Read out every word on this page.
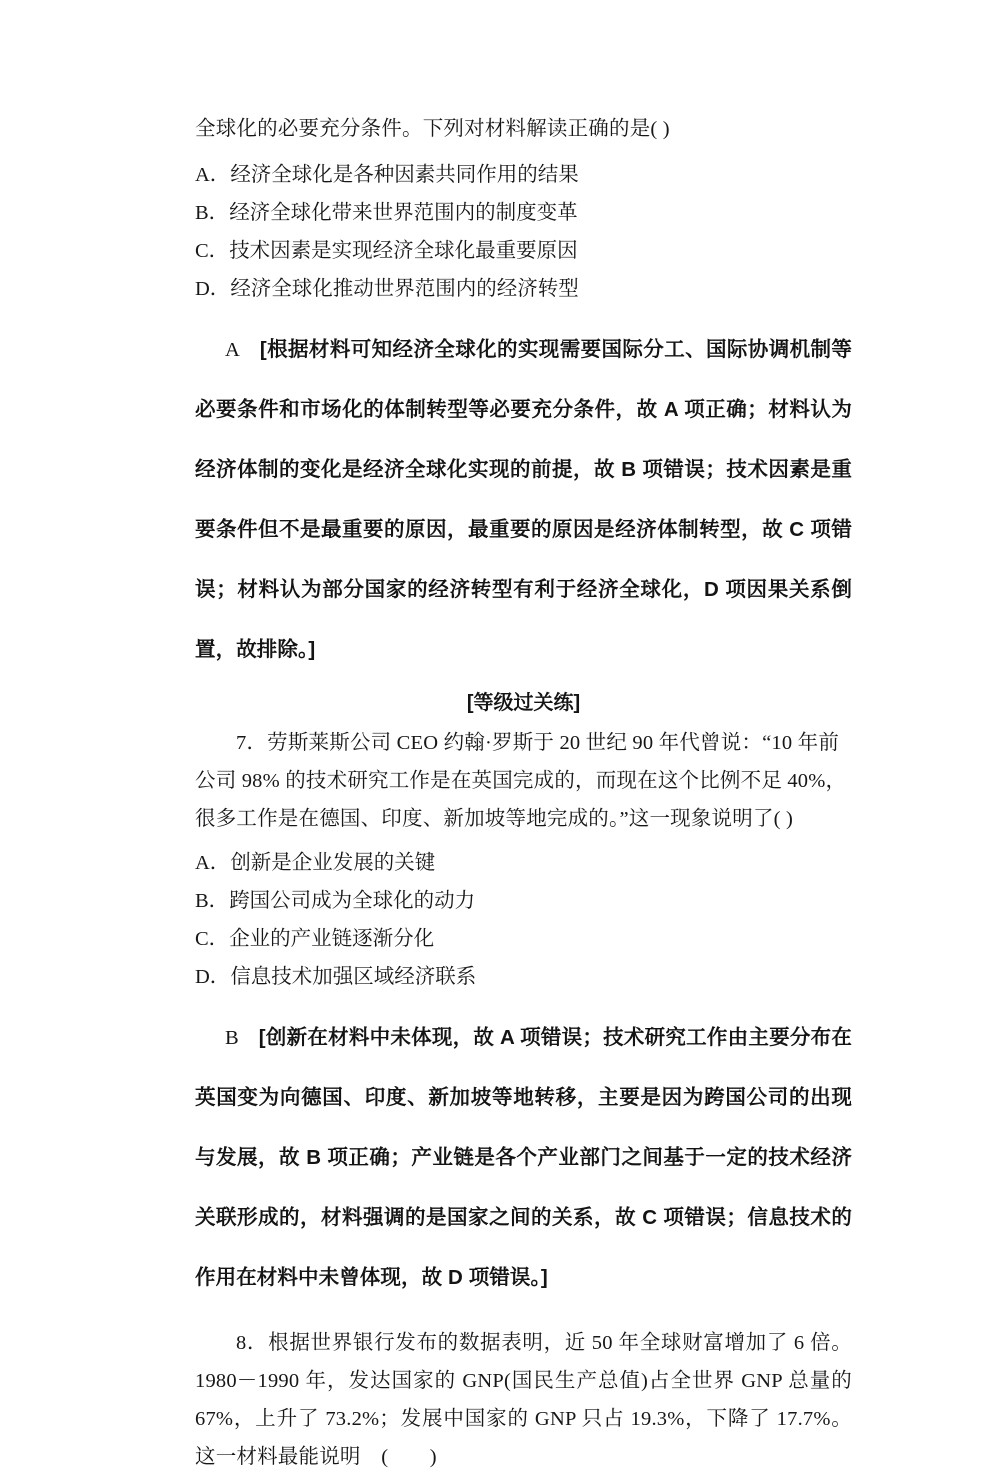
全球化的必要充分条件。下列对材料解读正确的是( )
A．经济全球化是各种因素共同作用的结果
B．经济全球化带来世界范围内的制度变革
C．技术因素是实现经济全球化最重要原因
D．经济全球化推动世界范围内的经济转型
A [根据材料可知经济全球化的实现需要国际分工、国际协调机制等必要条件和市场化的体制转型等必要充分条件，故 A 项正确；材料认为经济体制的变化是经济全球化实现的前提，故 B 项错误；技术因素是重要条件但不是最重要的原因，最重要的原因是经济体制转型，故 C 项错误；材料认为部分国家的经济转型有利于经济全球化，D 项因果关系倒置，故排除。]
[等级过关练]
7．劳斯莱斯公司 CEO 约翰·罗斯于 20 世纪 90 年代曾说：“10 年前公司 98% 的技术研究工作是在英国完成的，而现在这个比例不足 40%，很多工作是在德国、印度、新加坡等地完成的。”这一现象说明了( )
A．创新是企业发展的关键
B．跨国公司成为全球化的动力
C．企业的产业链逐渐分化
D．信息技术加强区域经济联系
B [创新在材料中未体现，故 A 项错误；技术研究工作由主要分布在英国变为向德国、印度、新加坡等地转移，主要是因为跨国公司的出现与发展，故 B 项正确；产业链是各个产业部门之间基于一定的技术经济关联形成的，材料强调的是国家之间的关系，故 C 项错误；信息技术的作用在材料中未曾体现，故 D 项错误。]
8．根据世界银行发布的数据表明，近 50 年全球财富增加了 6 倍。1980－1990 年，发达国家的 GNP(国民生产总值)占全世界 GNP 总量的 67%，上升了 73.2%；发展中国家的 GNP 只占 19.3%，下降了 17.7%。这一材料最能说明　(　　)
